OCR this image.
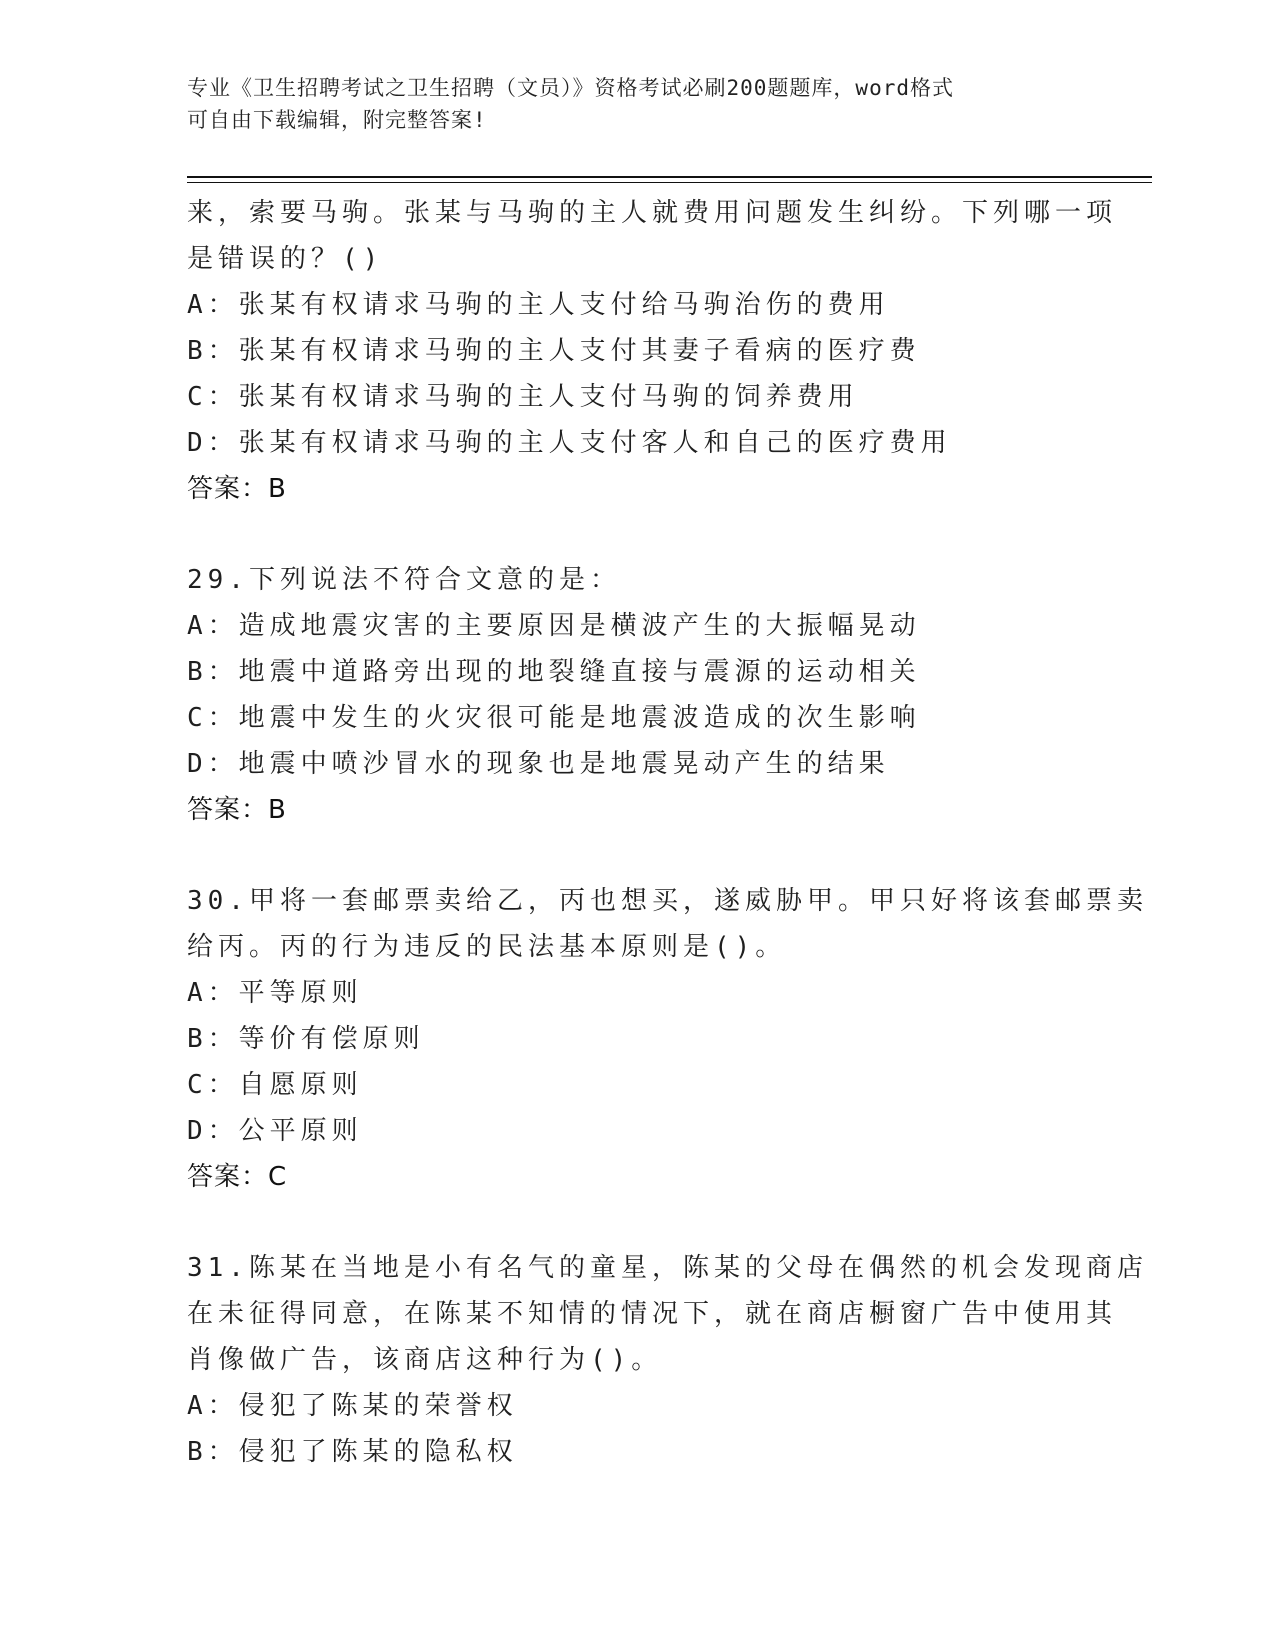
专业《卫生招聘考试之卫生招聘（文员）》资格考试必刷200题题库，word格式
可自由下载编辑，附完整答案!
来，索要马驹。张某与马驹的主人就费用问题发生纠纷。下列哪一项
是错误的？()
A：张某有权请求马驹的主人支付给马驹治伤的费用
B：张某有权请求马驹的主人支付其妻子看病的医疗费
C：张某有权请求马驹的主人支付马驹的饲养费用
D：张某有权请求马驹的主人支付客人和自己的医疗费用
答案：B
29.下列说法不符合文意的是：
A：造成地震灾害的主要原因是横波产生的大振幅晃动
B：地震中道路旁出现的地裂缝直接与震源的运动相关
C：地震中发生的火灾很可能是地震波造成的次生影响
D：地震中喷沙冒水的现象也是地震晃动产生的结果
答案：B
30.甲将一套邮票卖给乙，丙也想买，遂威胁甲。甲只好将该套邮票卖
给丙。丙的行为违反的民法基本原则是()。
A：平等原则
B：等价有偿原则
C：自愿原则
D：公平原则
答案：C
31.陈某在当地是小有名气的童星，陈某的父母在偶然的机会发现商店
在未征得同意，在陈某不知情的情况下，就在商店橱窗广告中使用其
肖像做广告，该商店这种行为()。
A：侵犯了陈某的荣誉权
B：侵犯了陈某的隐私权
